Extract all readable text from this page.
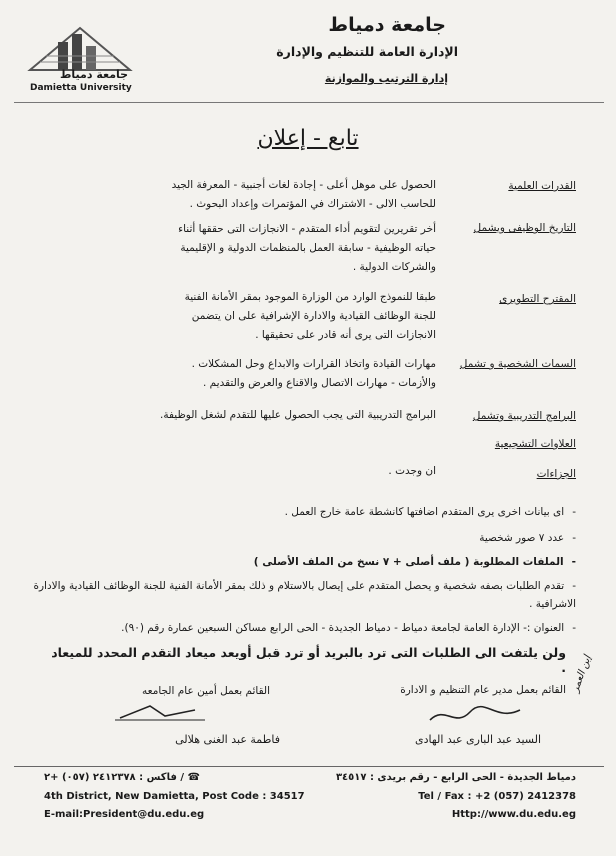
جامعة دمياط
Damietta University
جامعة دمياط
الإدارة العامة للتنظيم والإدارة
إدارة الترتيب والموازنة
تابع - إعلان
القدرات العلمية
الحصول على موهل أعلى - إجادة لغات أجنبية - المعرفة الجيد
للحاسب الالى - الاشتراك في المؤتمرات وإعداد البحوث .
التاريخ الوظيفى ويشمل
أخر تقريرين لتقويم أداء المتقدم - الانجازات التى حققها أثناء
حياته الوظيفية - سابقة العمل بالمنظمات الدولية و الإقليمية
والشركات الدولية .
المقترح التطويرى
طبقا للنموذج الوارد من الوزارة الموجود بمقر الأمانة الفنية
للجنة الوظائف القيادية والادارة الإشرافية على ان يتضمن
الانجازات التى يرى أنه قادر على تحقيقها .
السمات الشخصية و تشمل
مهارات القيادة واتخاذ القرارات والابداع وحل المشكلات .
والأزمات - مهارات الاتصال والاقناع والعرض والتقديم .
البرامج التدريبية وتشمل
البرامج التدريبية التى يجب الحصول عليها للتقدم لشغل الوظيفة.
العلاوات التشجيعية
الجزاءات
ان وجدت .
-اى بيانات اخرى يرى المتقدم اضافتها كانشطة عامة خارج العمل .
-عدد ٧ صور شخصية
-الملفات المطلوبة ( ملف أصلى + ٧ نسخ من الملف الأصلى )
-تقدم الطلبات بصفه شخصية و يحصل المتقدم على إيصال بالاستلام و ذلك بمقر الأمانة الفنية للجنة الوظائف القيادية والادارة الاشرافية .
-العنوان :- الإدارة العامة لجامعة دمياط - دمياط الجديدة - الحى الرابع مساكن السبعين عمارة رقم (٩٠).
ولن يلتفت الى الطلبات التى ترد بالبريد أو ترد قبل أويعد ميعاد التقدم المحدد للميعاد .
القائم بعمل مدير عام التنظيم و الادارة
السيد عبد البارى عبد الهادى
القائم بعمل أمين عام الجامعه
فاطمة عبد الغنى هلالى
إبن العمر
دمياط الجديدة - الحى الرابع - رقم بريدى : ٣٤٥١٧
☎ / فاكس : ٢٤١٢٣٧٨ (٠٥٧) +٢
4th District, New Damietta, Post Code : 34517	Tel / Fax : +2 (057) 2412378
E-mail:President@du.edu.eg	Http://www.du.edu.eg
